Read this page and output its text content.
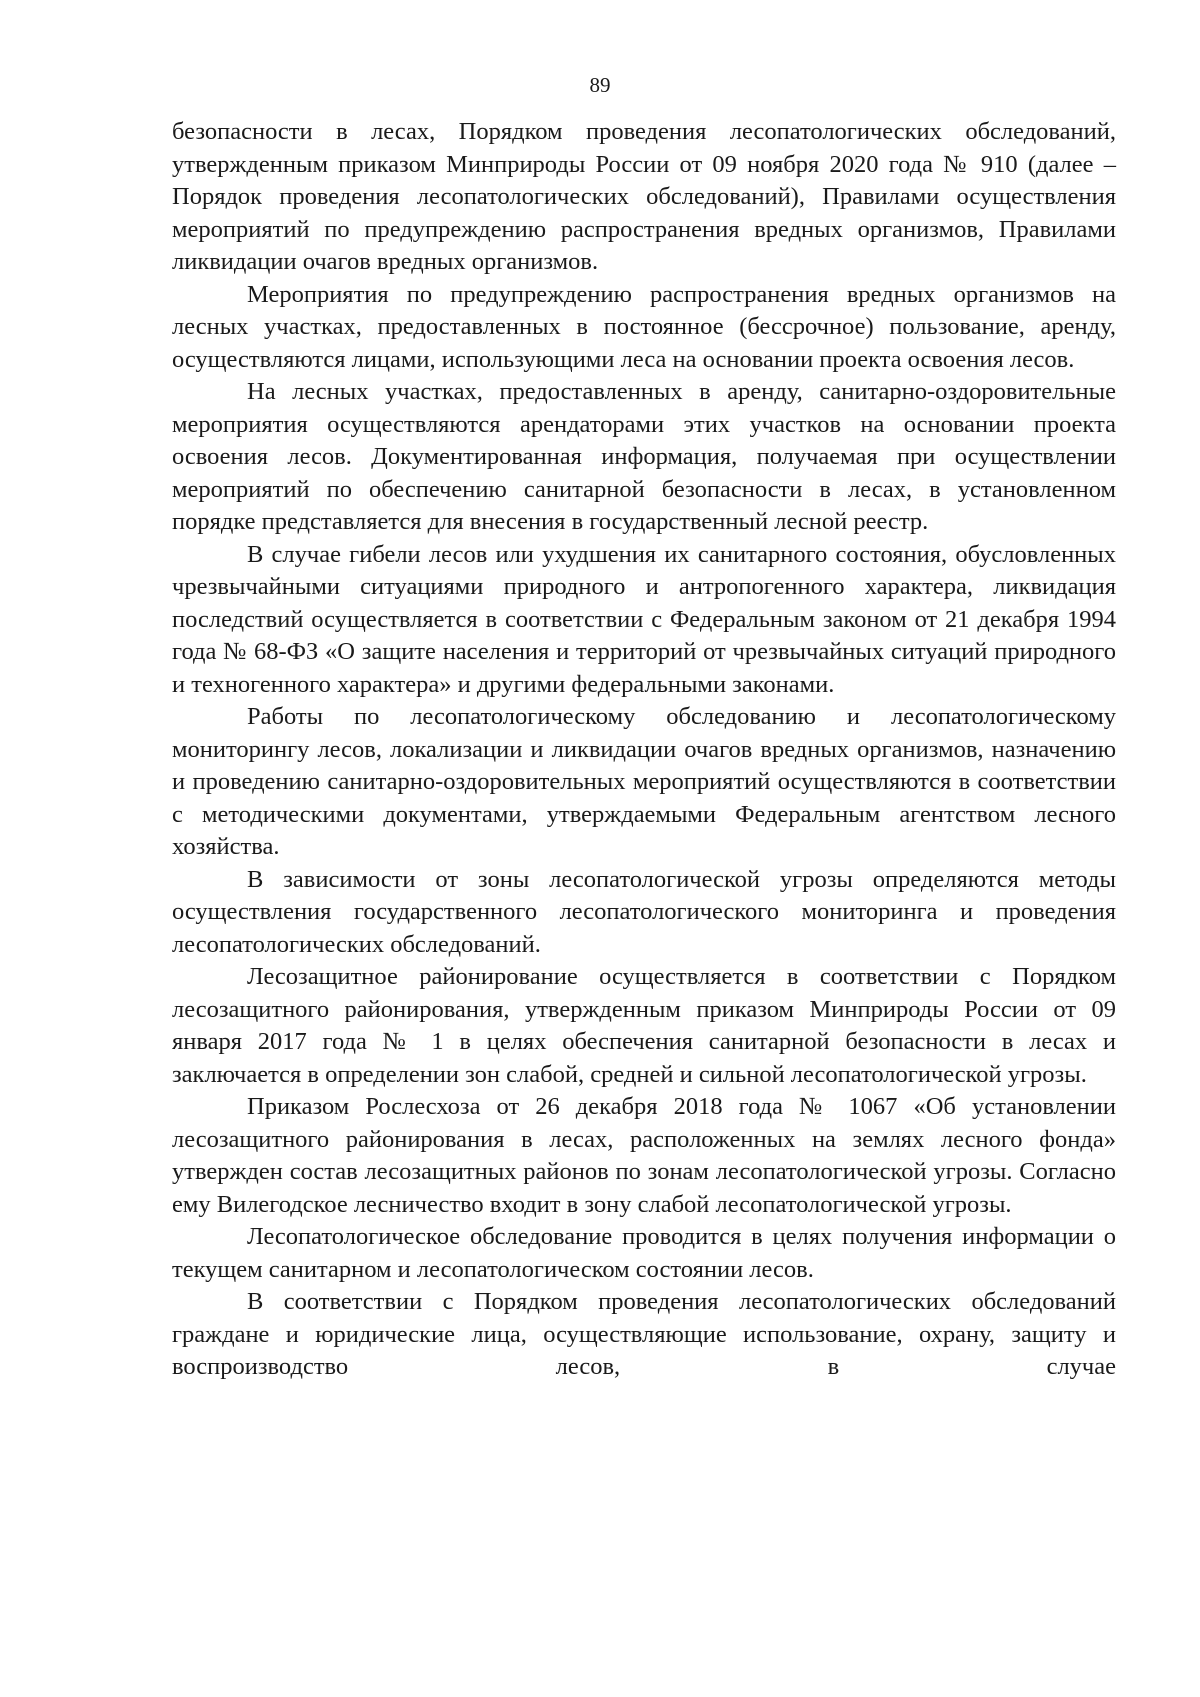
89

безопасности в лесах, Порядком проведения лесопатологических обследований, утвержденным приказом Минприроды России от 09 ноября 2020 года № 910 (далее – Порядок проведения лесопатологических обследований), Правилами осуществления мероприятий по предупреждению распространения вредных организмов, Правилами ликвидации очагов вредных организмов.

Мероприятия по предупреждению распространения вредных организмов на лесных участках, предоставленных в постоянное (бессрочное) пользование, аренду, осуществляются лицами, использующими леса на основании проекта освоения лесов.

На лесных участках, предоставленных в аренду, санитарно-оздоровительные мероприятия осуществляются арендаторами этих участков на основании проекта освоения лесов. Документированная информация, получаемая при осуществлении мероприятий по обеспечению санитарной безопасности в лесах, в установленном порядке представляется для внесения в государственный лесной реестр.

В случае гибели лесов или ухудшения их санитарного состояния, обусловленных чрезвычайными ситуациями природного и антропогенного характера, ликвидация последствий осуществляется в соответствии с Федеральным законом от 21 декабря 1994 года № 68-ФЗ «О защите населения и территорий от чрезвычайных ситуаций природного и техногенного характера» и другими федеральными законами.

Работы по лесопатологическому обследованию и лесопатологическому мониторингу лесов, локализации и ликвидации очагов вредных организмов, назначению и проведению санитарно-оздоровительных мероприятий осуществляются в соответствии с методическими документами, утверждаемыми Федеральным агентством лесного хозяйства.

В зависимости от зоны лесопатологической угрозы определяются методы осуществления государственного лесопатологического мониторинга и проведения лесопатологических обследований.

Лесозащитное районирование осуществляется в соответствии с Порядком лесозащитного районирования, утвержденным приказом Минприроды России от 09 января 2017 года № 1 в целях обеспечения санитарной безопасности в лесах и заключается в определении зон слабой, средней и сильной лесопатологической угрозы.

Приказом Рослесхоза от 26 декабря 2018 года № 1067 «Об установлении лесозащитного районирования в лесах, расположенных на землях лесного фонда» утвержден состав лесозащитных районов по зонам лесопатологической угрозы. Согласно ему Вилегодское лесничество входит в зону слабой лесопатологической угрозы.

Лесопатологическое обследование проводится в целях получения информации о текущем санитарном и лесопатологическом состоянии лесов.

В соответствии с Порядком проведения лесопатологических обследований граждане и юридические лица, осуществляющие использование, охрану, защиту и воспроизводство лесов, в случае
